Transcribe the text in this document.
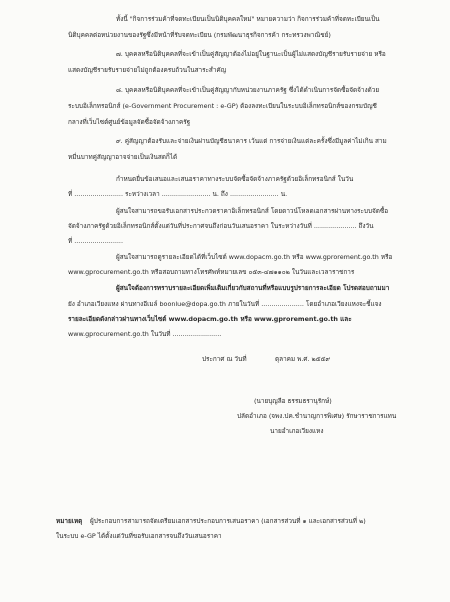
ทั้งนี้ "กิจการร่วมค้าที่จดทะเบียนเป็นนิติบุคคลใหม่" หมายความว่า กิจการร่วมค้าที่จดทะเบียนเป็น
นิติบุคคลต่อหน่วยงานของรัฐซึ่งมีหน้าที่รับจดทะเบียน (กรมพัฒนาธุรกิจการค้า กระทรวงพาณิชย์)
๗. บุคคลหรือนิติบุคคลที่จะเข้าเป็นคู่สัญญาต้องไม่อยู่ในฐานะเป็นผู้ไม่แสดงบัญชีรายรับรายจ่าย หรือ
แสดงบัญชีรายรับรายจ่ายไม่ถูกต้องครบถ้วนในสาระสำคัญ
๘. บุคคลหรือนิติบุคคลที่จะเข้าเป็นคู่สัญญากับหน่วยงานภาครัฐ ซึ่งได้ดำเนินการจัดซื้อจัดจ้างด้วย
ระบบอิเล็กทรอนิกส์ (e-Government Procurement : e-GP) ต้องลงทะเบียนในระบบอิเล็กทรอนิกส์ของกรมบัญชี
กลางที่เว็บไซต์ศูนย์ข้อมูลจัดซื้อจัดจ้างภาครัฐ
๙. คู่สัญญาต้องรับและจ่ายเงินผ่านบัญชีธนาคาร เว้นแต่ การจ่ายเงินแต่ละครั้งซึ่งมีมูลค่าไม่เกิน สาม
หมื่นบาทคู่สัญญาอาจจ่ายเป็นเงินสดก็ได้
กำหนดยื่นข้อเสนอและเสนอราคาทางระบบจัดซื้อจัดจ้างภาครัฐด้วยอิเล็กทรอนิกส์ ในวัน
ที่ ........................ ระหว่างเวลา ........................ น. ถึง ........................ น.
ผู้สนใจสามารถขอรับเอกสารประกวดราคาอิเล็กทรอนิกส์ โดยดาวน์โหลดเอกสารผ่านทางระบบจัดซื้อ
จัดจ้างภาครัฐด้วยอิเล็กทรอนิกส์ตั้งแต่วันที่ประกาศจนถึงก่อนวันเสนอราคา ในระหว่างวันที่ ..................... ถึงวัน
ที่ ........................
ผู้สนใจสามารถดูรายละเอียดได้ที่เว็บไซต์ www.dopacm.go.th หรือ www.gprorement.go.th หรือ
www.gprocurement.go.th หรือสอบถามทางโทรศัพท์หมายเลข ๐๕๓-๔๗๑๑๐๒ ในวันและเวลาราชการ
ผู้สนใจต้องการทราบรายละเอียดเพิ่มเติมเกี่ยวกับสถานที่หรือแบบรูปรายการละเอียด โปรดสอบถามมา
ยัง อำเภอเวียงแหง ผ่านทางอีเมล์ boonlue@dopa.go.th ภายในวันที่ ..................... โดยอำเภอเวียงแหงจะชี้แจง
รายละเอียดดังกล่าวผ่านทางเว็บไซต์ www.dopacm.go.th หรือ www.gprorement.go.th และ
www.gprocurement.go.th ในวันที่ ........................
ประกาศ ณ วันที่	ตุลาคม พ.ศ. ๒๕๕๙
(นายบุญลือ ธรรมธรานุรักษ์)
ปลัดอำเภอ (จพง.ปค.ชำนาญการพิเศษ) รักษาราชการแทน
นายอำเภอเวียงแหง
หมายเหตุ ผู้ประกอบการสามารถจัดเตรียมเอกสารประกอบการเสนอราคา (เอกสารส่วนที่ ๑ และเอกสารส่วนที่ ๒)
ในระบบ e-GP ได้ตั้งแต่วันที่ขอรับเอกสารจนถึงวันเสนอราคา
